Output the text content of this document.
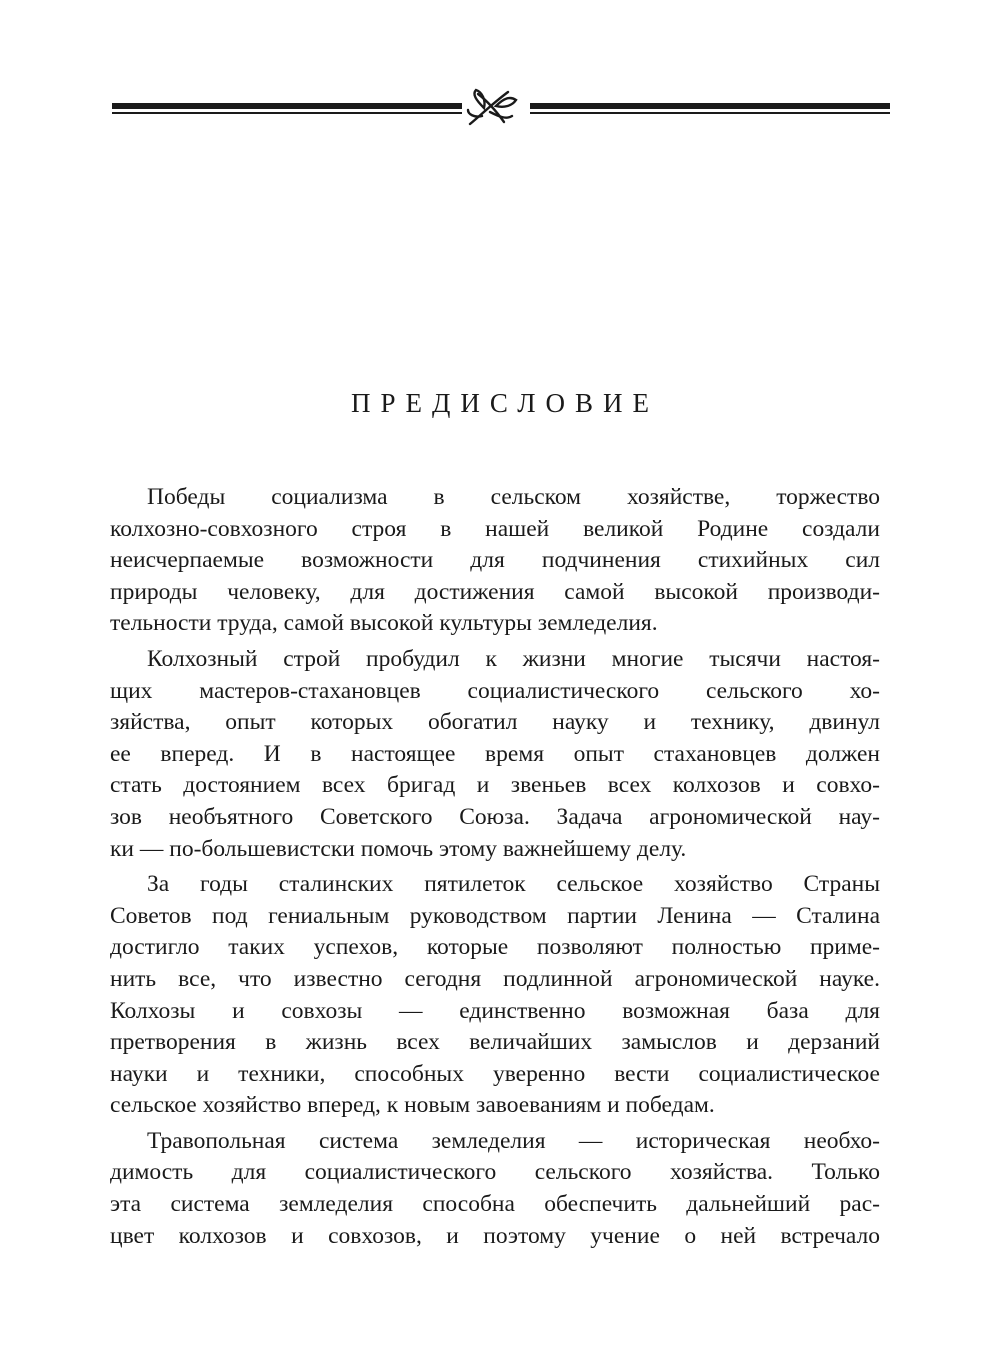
ПРЕДИСЛОВИЕ
Победы социализма в сельском хозяйстве, торжество
колхозно-совхозного строя в нашей великой Родине создали
неисчерпаемые возможности для подчинения стихийных сил
природы человеку, для достижения самой высокой производи-
тельности труда, самой высокой культуры земледелия.
Колхозный строй пробудил к жизни многие тысячи настоя-
щих мастеров-стахановцев социалистического сельского хо-
зяйства, опыт которых обогатил науку и технику, двинул
ее вперед. И в настоящее время опыт стахановцев должен
стать достоянием всех бригад и звеньев всех колхозов и совхо-
зов необъятного Советского Союза. Задача агрономической нау-
ки — по-большевистски помочь этому важнейшему делу.
За годы сталинских пятилеток сельское хозяйство Страны
Советов под гениальным руководством партии Ленина — Сталина
достигло таких успехов, которые позволяют полностью приме-
нить все, что известно сегодня подлинной агрономической науке.
Колхозы и совхозы — единственно возможная база для
претворения в жизнь всех величайших замыслов и дерзаний
науки и техники, способных уверенно вести социалистическое
сельское хозяйство вперед, к новым завоеваниям и победам.
Травопольная система земледелия — историческая необхо-
димость для социалистического сельского хозяйства. Только
эта система земледелия способна обеспечить дальнейший рас-
цвет колхозов и совхозов, и поэтому учение о ней встречало
